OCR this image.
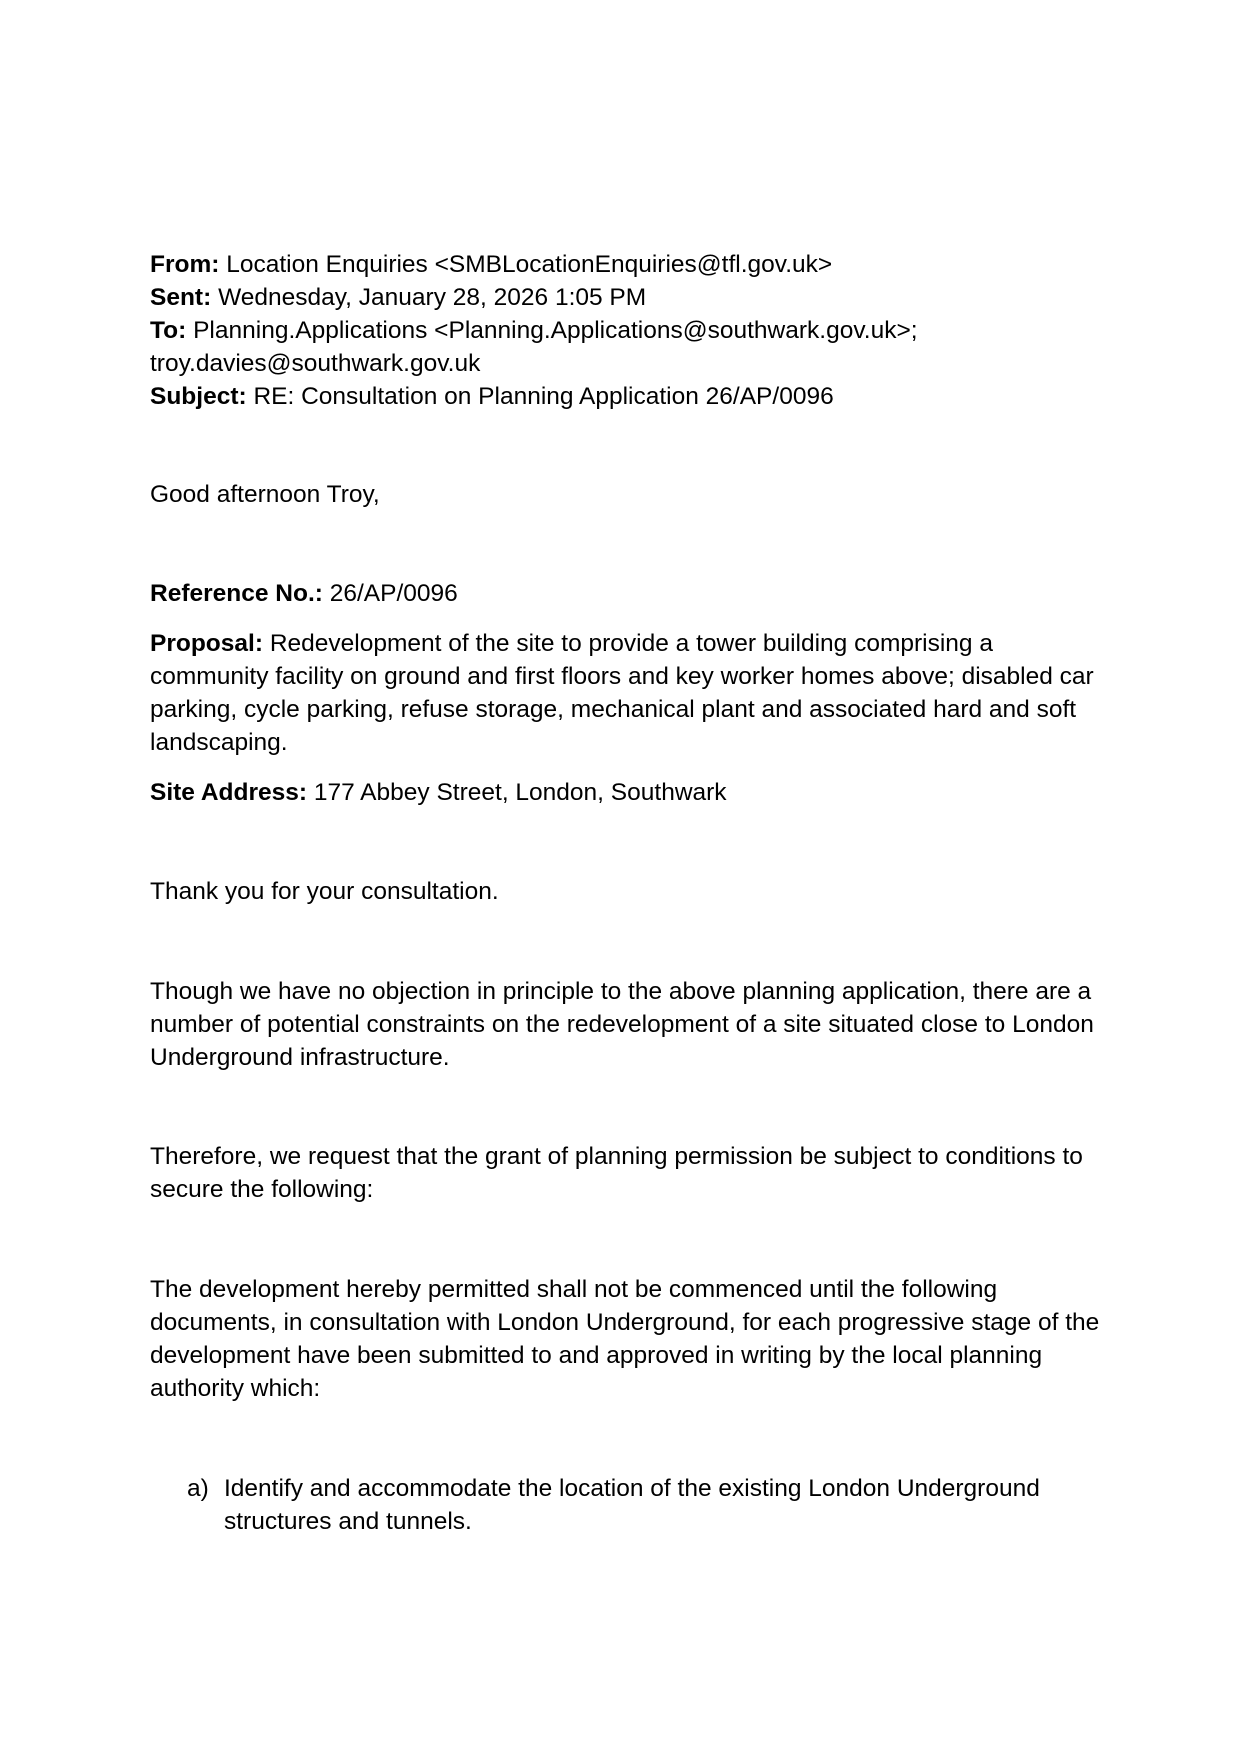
From: Location Enquiries <SMBLocationEnquiries@tfl.gov.uk>
Sent: Wednesday, January 28, 2026 1:05 PM
To: Planning.Applications <Planning.Applications@southwark.gov.uk>;
troy.davies@southwark.gov.uk
Subject: RE: Consultation on Planning Application 26/AP/0096
Good afternoon Troy,
Reference No.: 26/AP/0096
Proposal: Redevelopment of the site to provide a tower building comprising a community facility on ground and first floors and key worker homes above; disabled car parking, cycle parking, refuse storage, mechanical plant and associated hard and soft landscaping.
Site Address: 177 Abbey Street, London, Southwark
Thank you for your consultation.
Though we have no objection in principle to the above planning application, there are a number of potential constraints on the redevelopment of a site situated close to London Underground infrastructure.
Therefore, we request that the grant of planning permission be subject to conditions to secure the following:
The development hereby permitted shall not be commenced until the following documents, in consultation with London Underground, for each progressive stage of the development have been submitted to and approved in writing by the local planning authority which:
a) Identify and accommodate the location of the existing London Underground structures and tunnels.
